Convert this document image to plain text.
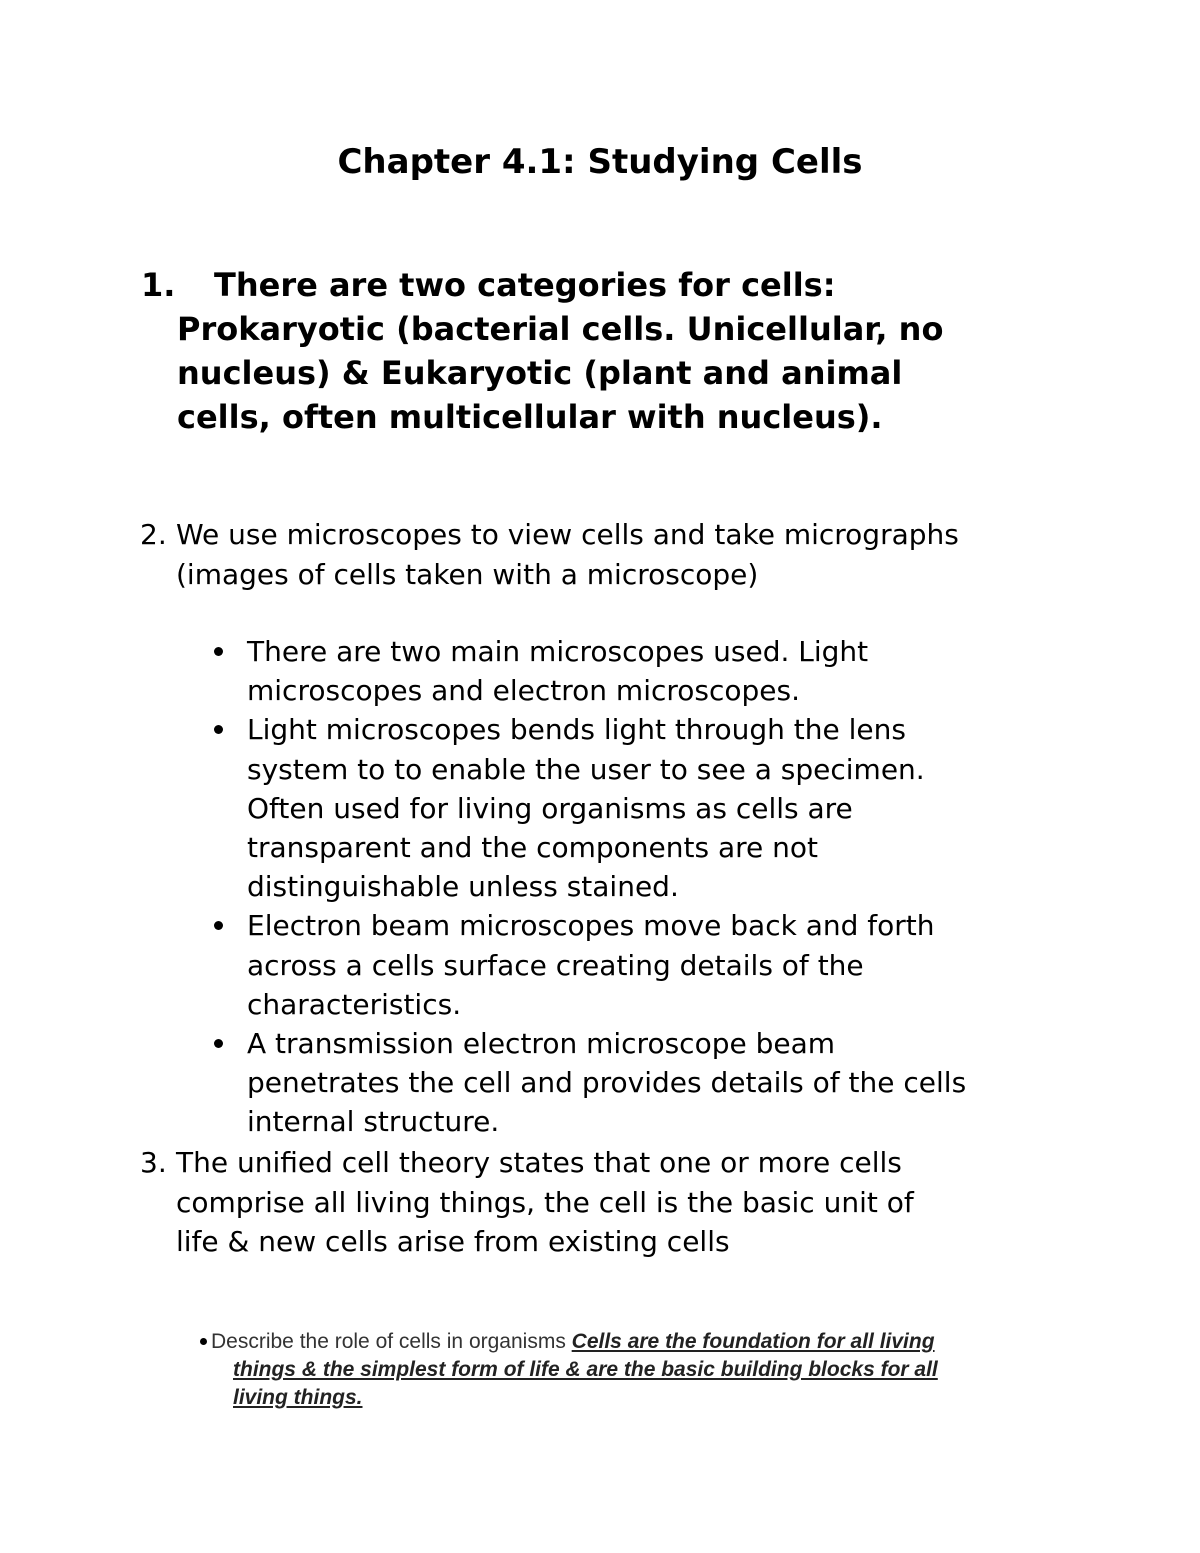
Chapter 4.1: Studying Cells
1.	There are two categories for cells:
Prokaryotic (bacterial cells. Unicellular, no
nucleus) & Eukaryotic (plant and animal
cells, often multicellular with nucleus).
2. We use microscopes to view cells and take micrographs
(images of cells taken with a microscope)
There are two main microscopes used. Light
microscopes and electron microscopes.
Light microscopes bends light through the lens
system to to enable the user to see a specimen.
Often used for living organisms as cells are
transparent and the components are not
distinguishable unless stained.
Electron beam microscopes move back and forth
across a cells surface creating details of the
characteristics.
A transmission electron microscope beam
penetrates the cell and provides details of the cells
internal structure.
3. The unified cell theory states that one or more cells
comprise all living things, the cell is the basic unit of
life & new cells arise from existing cells
Describe the role of cells in organisms Cells are the foundation for all living
things & the simplest form of life & are the basic building blocks for all
living things.
